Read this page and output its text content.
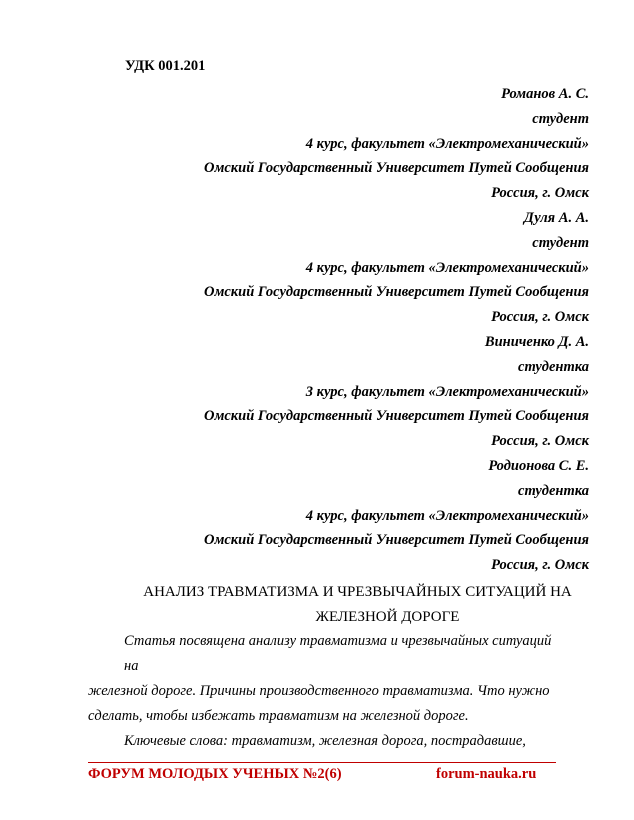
УДК 001.201
Романов А. С.
студент
4 курс, факультет «Электромеханический»
Омский Государственный Университет Путей Сообщения
Россия, г. Омск
Дуля А. А.
студент
4 курс, факультет «Электромеханический»
Омский Государственный Университет Путей Сообщения
Россия, г. Омск
Виниченко Д. А.
студентка
3 курс, факультет «Электромеханический»
Омский Государственный Университет Путей Сообщения
Россия, г. Омск
Родионова С. Е.
студентка
4 курс, факультет «Электромеханический»
Омский Государственный Университет Путей Сообщения
Россия, г. Омск
АНАЛИЗ ТРАВМАТИЗМА И ЧРЕЗВЫЧАЙНЫХ СИТУАЦИЙ НА
ЖЕЛЕЗНОЙ ДОРОГЕ

Статья посвящена анализу травматизма и чрезвычайных ситуаций на

железной дороге. Причины производственного травматизма. Что нужно

сделать, чтобы избежать травматизм на железной дороге.

Ключевые слова: травматизм, железная дорога, пострадавшие,

ФОРУМ МОЛОДЫХ УЧЕНЫХ №2(6)	forum-nauka.ru
